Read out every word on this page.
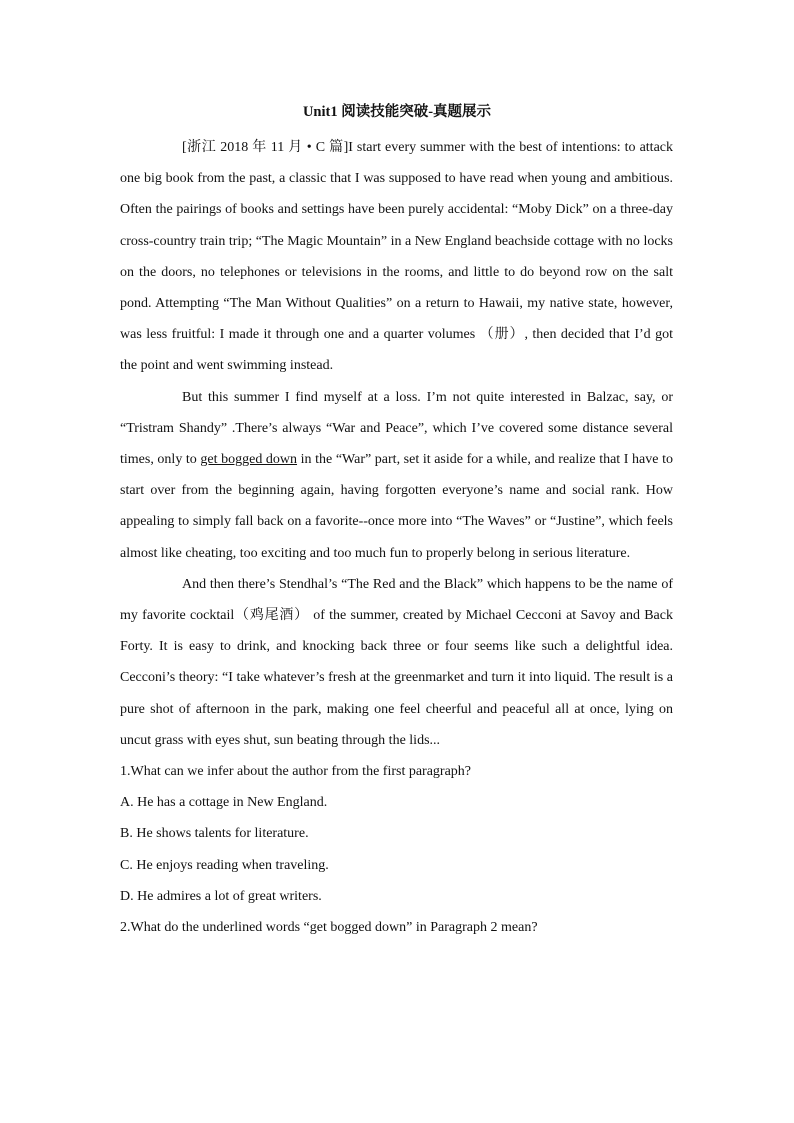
Unit1 阅读技能突破-真题展示

[浙江 2018 年 11 月 • C 篇]I start every summer with the best of intentions: to attack one big book from the past, a classic that I was supposed to have read when young and ambitious. Often the pairings of books and settings have been purely accidental: “Moby Dick” on a three-day cross-country train trip; “The Magic Mountain” in a New England beachside cottage with no locks on the doors, no telephones or televisions in the rooms, and little to do beyond row on the salt pond. Attempting “The Man Without Qualities” on a return to Hawaii, my native state, however, was less fruitful: I made it through one and a quarter volumes （册）, then decided that I’d got the point and went swimming instead.

But this summer I find myself at a loss. I’m not quite interested in Balzac, say, or “Tristram Shandy” .There’s always “War and Peace”, which I’ve covered some distance several times, only to get bogged down in the “War” part, set it aside for a while, and realize that I have to start over from the beginning again, having forgotten everyone’s name and social rank. How appealing to simply fall back on a favorite--once more into “The Waves” or “Justine”, which feels almost like cheating, too exciting and too much fun to properly belong in serious literature.

And then there’s Stendhal’s “The Red and the Black” which happens to be the name of my favorite cocktail（鸡尾酒） of the summer, created by Michael Cecconi at Savoy and Back Forty. It is easy to drink, and knocking back three or four seems like such a delightful idea. Cecconi’s theory: “I take whatever’s fresh at the greenmarket and turn it into liquid. The result is a pure shot of afternoon in the park, making one feel cheerful and peaceful all at once, lying on uncut grass with eyes shut, sun beating through the lids...

1.What can we infer about the author from the first paragraph?

A. He has a cottage in New England.

B. He shows talents for literature.

C. He enjoys reading when traveling.

D. He admires a lot of great writers.

2.What do the underlined words “get bogged down” in Paragraph 2 mean?
